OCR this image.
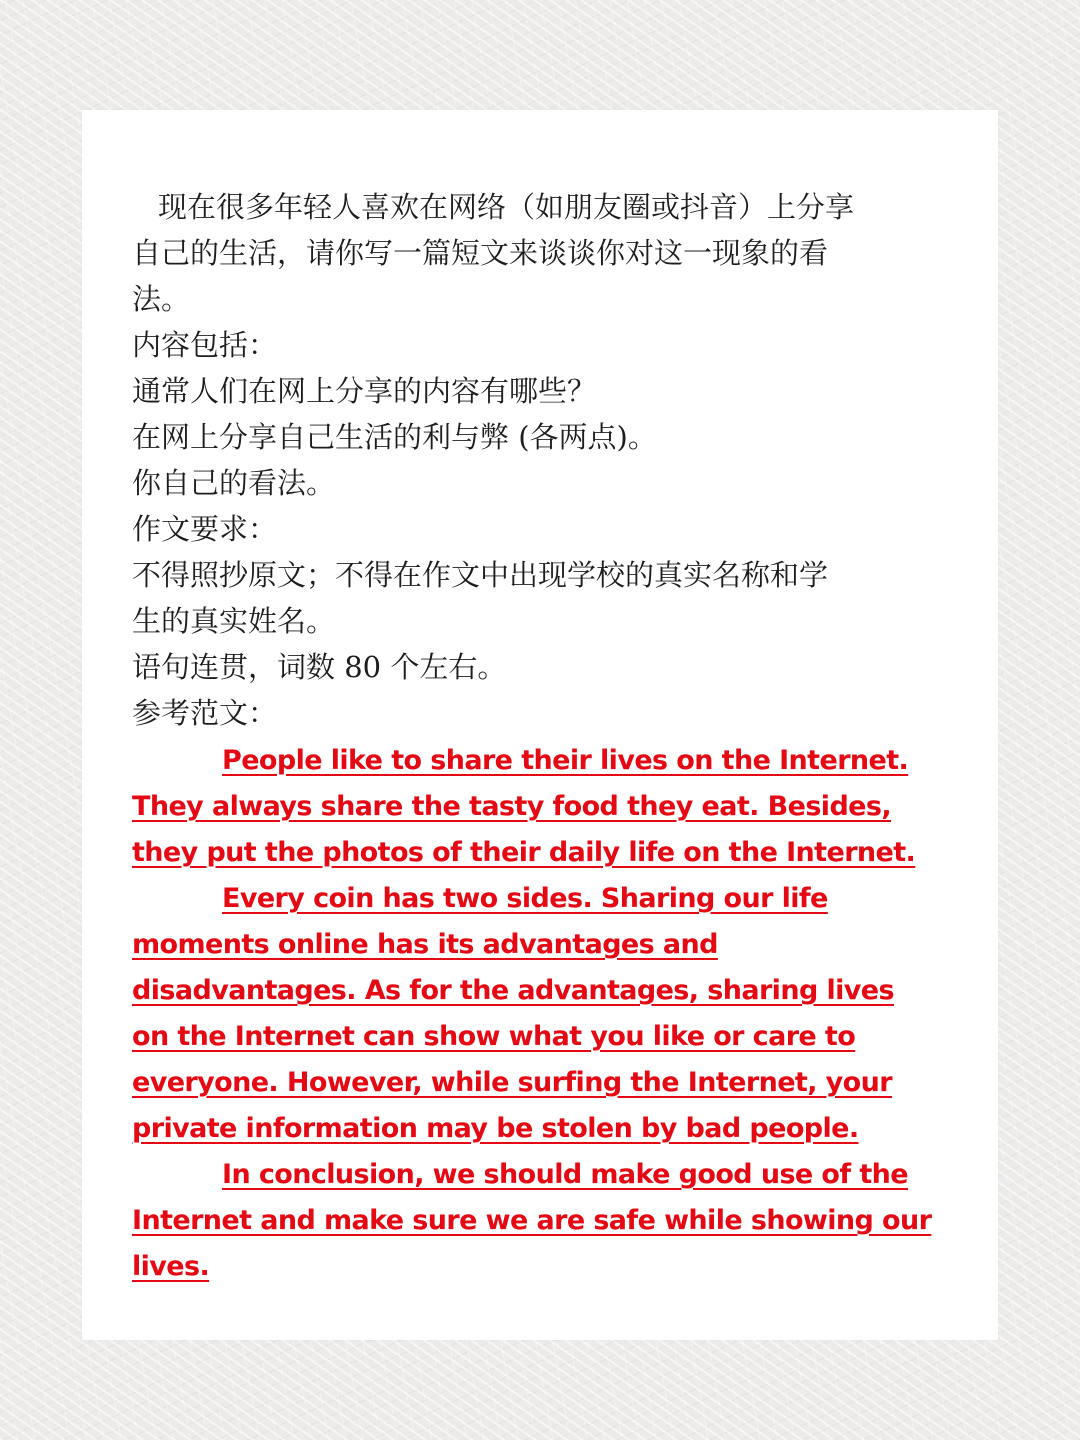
现在很多年轻人喜欢在网络（如朋友圈或抖音）上分享

自己的生活，请你写一篇短文来谈谈你对这一现象的看

法。

内容包括：

通常人们在网上分享的内容有哪些？

在网上分享自己生活的利与弊 (各两点)。

你自己的看法。

作文要求：

不得照抄原文；不得在作文中出现学校的真实名称和学

生的真实姓名。

语句连贯，词数 80 个左右。

参考范文：

People like to share their lives on the Internet.
They always share the tasty food they eat. Besides,
they put the photos of their daily life on the Internet.

Every coin has two sides. Sharing our life
moments online has its advantages and
disadvantages. As for the advantages, sharing lives
on the Internet can show what you like or care to
everyone. However, while surfing the Internet, your
private information may be stolen by bad people.

In conclusion, we should make good use of the
Internet and make sure we are safe while showing our
lives.
